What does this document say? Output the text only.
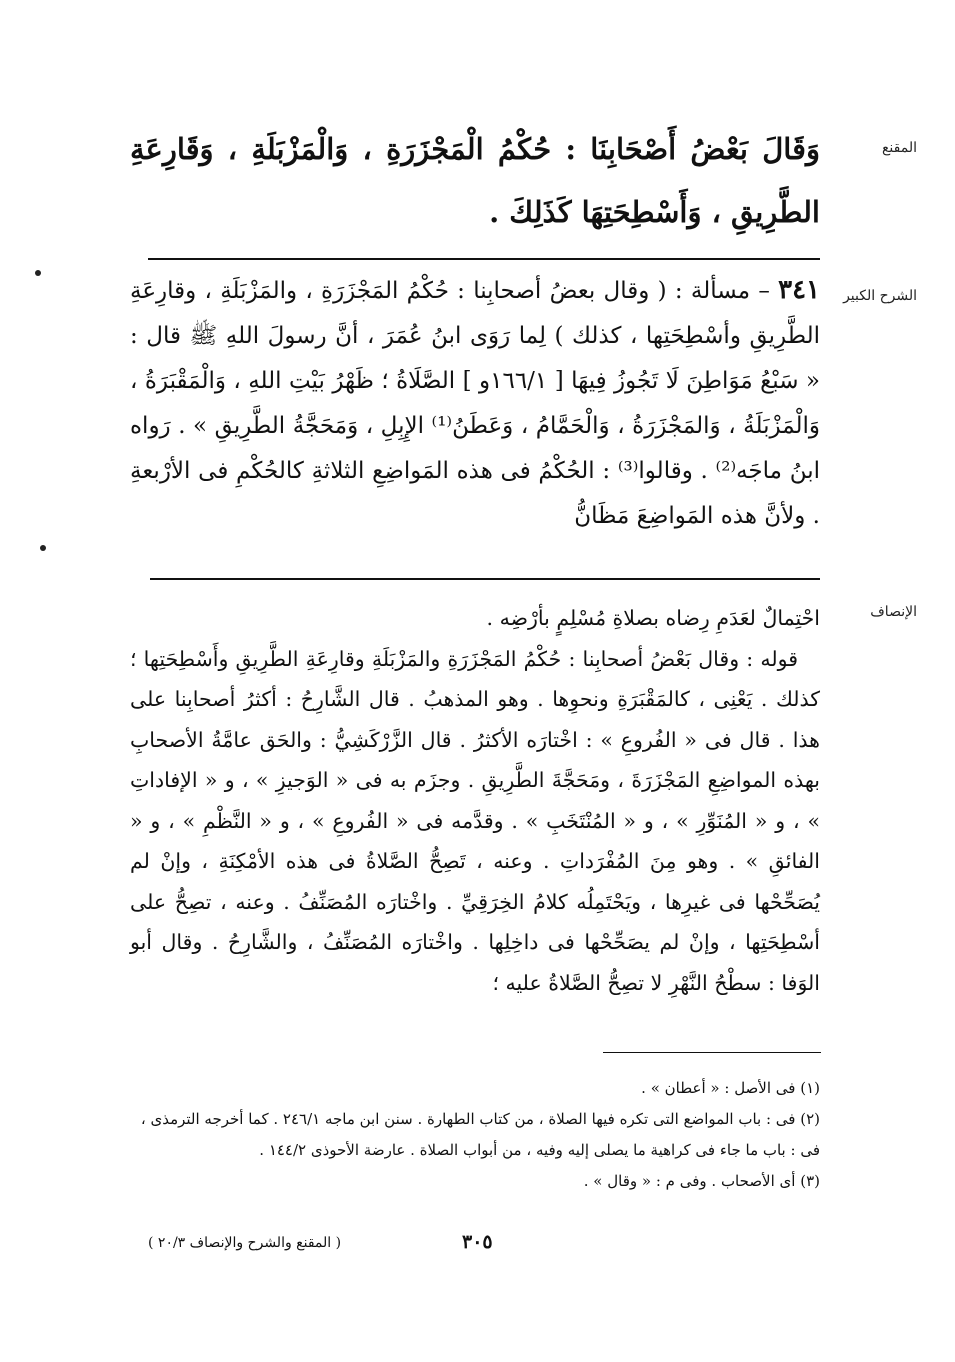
المقنع

وَقَالَ بَعْضُ أَصْحَابِنَا : حُكْمُ الْمَجْزَرَةِ ، وَالْمَزْبَلَةِ ، وَقَارِعَةِ الطَّرِيقِ ، وَأَسْطِحَتِهَا كَذَلِكَ .

الشرح الكبير

٣٤١ – مسألة : ( وقال بعضُ أصحابِنا : حُكْمُ المَجْزَرَةِ ، والمَزْبَلَةِ ، وقارِعَةِ الطَّرِيقِ وأسْطِحَتِها ، كذلك ) لِما رَوَى ابنُ عُمَرَ ، أنَّ رسولَ اللهِ ﷺ قال : « سَبْعُ مَوَاطِنَ لَا تَجُوزُ فِيهَا [ ١٦٦/١و ] الصَّلَاةُ ؛ ظَهْرُ بَيْتِ اللهِ ، وَالْمَقْبَرَةُ ، وَالْمَزْبَلَةُ ، وَالمَجْزَرَةُ ، وَالْحَمَّامُ ، وَعَطَنُ⁽¹⁾ الإِبِلِ ، وَمَحَجَّةُ الطَّرِيقِ » . رَواه ابنُ ماجَه⁽²⁾ . وقالوا⁽³⁾ : الحُكْمُ فى هذه المَواضِعِ الثلاثةِ كالحُكْمِ فى الأرْبعةِ . ولأنَّ هذه المَواضِعَ مَظَانُّ

الإنصاف

احْتِمالٌ لعَدَمِ رِضاه بصلاةِ مُسْلِمٍ بأرْضِه .

قوله : وقال بَعْضُ أصحابِنا : حُكْمُ المَجْزَرَةِ والمَزْبَلَةِ وقارِعَةِ الطَّرِيقِ وأَسْطِحَتِها ؛ كذلك . يَعْنِى ، كالمَقْبَرَةِ ونحوِها . وهو المذهبُ . قال الشَّارِحُ : أكثرُ أصحابِنا على هذا . قال فى « الفُروعِ » : اخْتارَه الأكثرُ . قال الزَّرْكَشِيُّ : والحَق عامَّةُ الأصحابِ بهذه المواضِعِ المَجْزَرَةَ ، ومَحَجَّةَ الطَّرِيقِ . وجزَم به فى « الوَجيزِ » ، و « الإفاداتِ » ، و « المُنَوِّرِ » ، و « المُنْتَخَبِ » . وقدَّمه فى « الفُروعِ » ، و « النَّظْمِ » ، و « الفائقِ » . وهو مِنَ المُفْرَداتِ . وعنه ، تَصِحُّ الصَّلاةُ فى هذه الأمْكِنَةِ ، وإنْ لم يُصَحِّحْها فى غيرِها ، ويَحْتَمِلُه كلامُ الخِرَقِيِّ . واخْتارَه المُصَنِّفُ . وعنه ، تصِحُّ على أسْطِحَتِها ، وإنْ لم يصَحِّحْها فى داخِلِها . واخْتارَه المُصَنِّفُ ، والشَّارِحُ . وقال أبو الوَفا : سطْحُ النَّهْرِ لا تصِحُّ الصَّلاةُ عليه ؛

(١) فى الأصل : « أعطان » .

(٢) فى : باب المواضع التى تكره فيها الصلاة ، من كتاب الطهارة . سنن ابن ماجه ٢٤٦/١ . كما أخرجه الترمذى ، فى : باب ما جاء فى كراهية ما يصلى إليه وفيه ، من أبواب الصلاة . عارضة الأحوذى ١٤٤/٢ .

(٣) أى الأصحاب . وفى م : « وقال » .

٣٠٥
( المقنع والشرح والإنصاف ٢٠/٣ )
